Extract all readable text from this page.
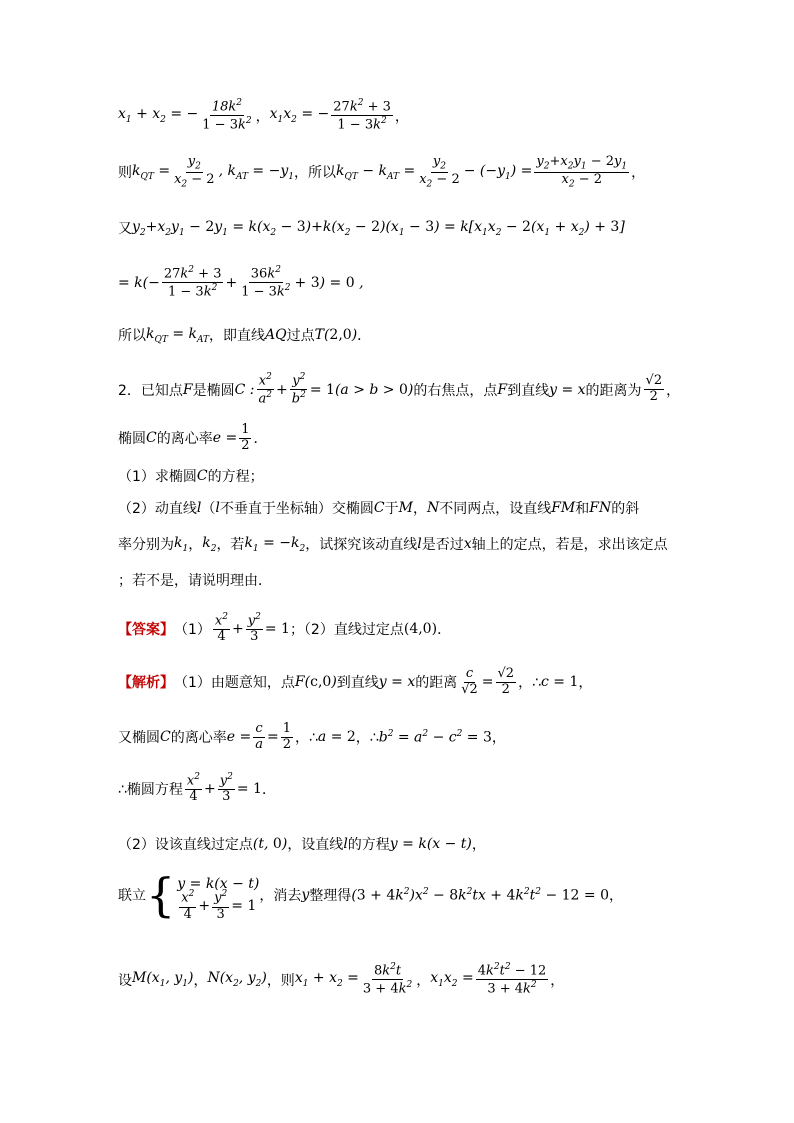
$x_1 + x_2$ = − $\frac{18k^2}{1 - 3k^2}$ ， $x_1x_2$ = − $\frac{27k^2 + 3}{1 - 3k^2}$ ，
则 $k_{QT} = \frac{y_2}{x_2 - 2}$ , $k_{AT} = -y_1$ ，所以 $k_{QT} - k_{AT} = \frac{y_2}{x_2 - 2} - (-y_1) = \frac{y_2+x_2y_1 - 2y_1}{x_2 - 2}$ ，
又 $y_2+x_2y_1 - 2y_1 = k(x_2 - 3)+k(x_2 - 2)(x_1 - 3) = k[x_1x_2 - 2(x_1 + x_2) + 3]$
= $k(- \frac{27k^2 + 3}{1 - 3k^2} + \frac{36k^2}{1 - 3k^2} + 3) = 0$ ,
所以 $k_{QT} = k_{AT}$ ，即直线 AQ 过点 T(2,0) ．
2．已知点 F 是椭圆 C :
$x^2$
$a^2 + \frac{y^2}{b^2} = 1(a > b > 0)$ 的右焦点，点 F 到直线 y = x 的距离为
√2
2 ，
椭圆 C 的离心率 $e = \frac{1}{2}$ ．
（1）求椭圆 C 的方程；
（2）动直线 l （ l 不垂直于坐标轴）交椭圆 C 于 M ， N 不同两点，设直线 FM 和 FN 的斜
率分别为 $k_1$ ， $k_2$ ，若 $k_1 = -k_2$ ，试探究该动直线 l 是否过 x 轴上的定点，若是，求出该定点
；若不是，请说明理由．
【答案】 （1）
$x^2$
4
+ $\frac{y^2}{3} = 1$ ；（2）直线过定点 (4,0) ．
【解析】 （1）由题意知，点 F(c,0) 到直线 y = x 的距离 $\frac{c}{√2} = \frac{√2}{2}$ ，∴ c = 1 ，
又椭圆 C 的离心率 $e = \frac{c}{a} = \frac{1}{2}$ ，∴ a = 2 ，∴ $b^2 = a^2 - c^2 = 3$ ，
∴椭圆方程
$x^2$
4
+ $\frac{y^2}{3} = 1$ ．
（2）设该直线过定点 (t, 0) ，设直线 l 的方程 y = k(x − t) ，
联立 { y = k(x − t)
$x^2$
4
+ $\frac{y^2}{3} = 1$
，消去 y 整理得 $(3 + 4k^2)x^2 - 8k^2tx + 4k^2t^2 - 12 = 0$ ，
设 $M(x_1$, $y_1$) ， $N(x_2$, $y_2$) ，则 $x_1 + x_2 = \frac{8k^2t}{3 + 4k^2}$ ， $x_1x_2 = \frac{4k^2t^2 - 12}{3 + 4k^2}$ ，
